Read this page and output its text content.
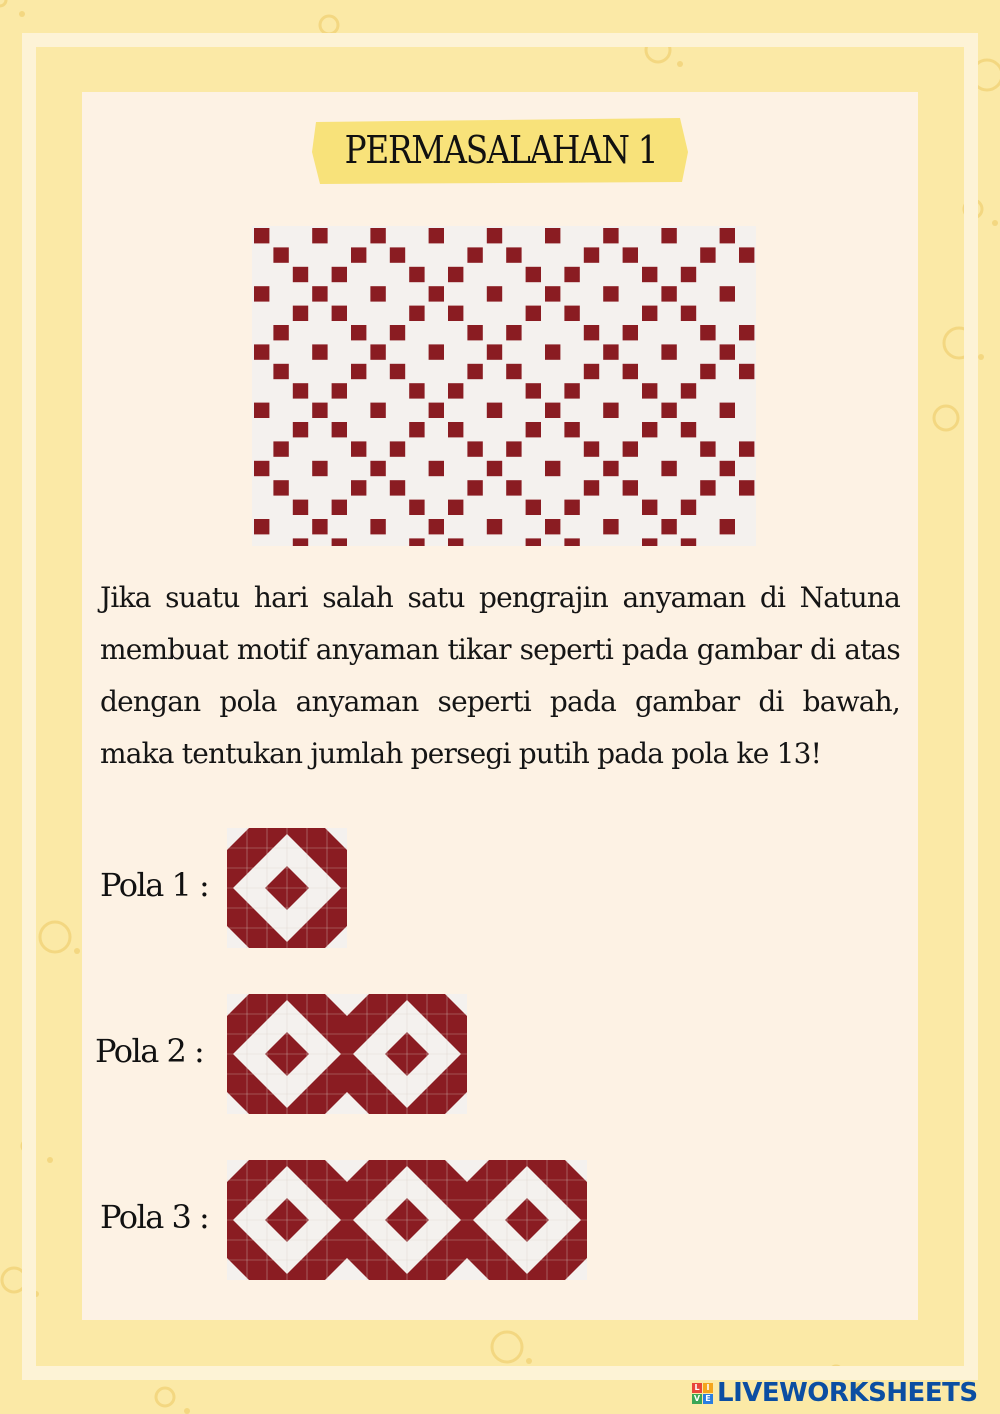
PERMASALAHAN 1

Jika suatu hari salah satu pengrajin anyaman di Natuna membuat motif anyaman tikar seperti pada gambar di atas dengan pola anyaman seperti pada gambar di bawah, maka tentukan jumlah persegi putih pada pola ke 13!

Pola 1 :
Pola 2 :
Pola 3 :
L I
V E LIVEWORKSHEETS
